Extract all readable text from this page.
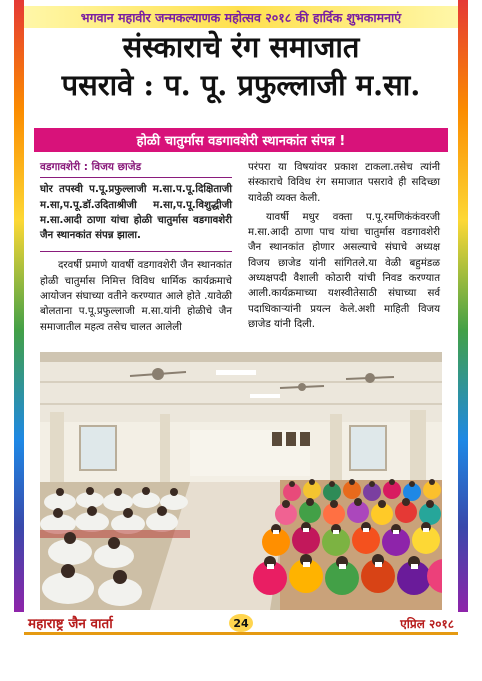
भगवान महावीर जन्मकल्याणक महोत्सव २०१८ की हार्दिक शुभकामनाएं
संस्काराचे रंग समाजात
पसरावे : प. पू. प्रफुल्लाजी म.सा.
होळी चातुर्मास वडगावशेरी स्थानकांत संपन्न !
वडगावशेरी : विजय छाजेड

घोर तपस्वी प.पू.प्रफुल्लाजी म.सा.प.पू.दिक्षिताजी म.सा,प.पू.डॉ.उदिताश्रीजी म.सा,प.पू.विशुद्धीजी म.सा.आदी ठाणा यांचा होळी चातुर्मास वडगावशेरी जैन स्थानकांत संपन्न झाला.

दरवर्षी प्रमाणे यावर्षी वडगावशेरी जैन स्थानकांत होळी चातुर्मास निमित्त विविध धार्मिक कार्यक्रमाचे आयोजन संघाच्या वतीने करण्यात आले होते .यावेळी बोलताना प.पू.प्रफुल्लाजी म.सा.यांनी होळीचे जैन समाजातील महत्व तसेच चालत आलेली

परंपरा या विषयांवर प्रकाश टाकला.तसेच त्यांनी संस्काराचे विविध रंग समाजात पसरावे ही सदिच्छा यावेळी व्यक्त केली.

यावर्षी मधुर वक्ता प.पू.रमणिकंकंवरजी म.सा.आदी ठाणा पाच यांचा चातुर्मास वडगावशेरी जैन स्थानकांत होणार असल्याचे संघाचे अध्यक्ष विजय छाजेड यांनी सांगितले.या वेळी बहुमंडळ अध्यक्षपदी वैशाली कोठारी यांची निवड करण्यात आली.कार्यक्रमाच्या यशस्वीतेसाठी संघाच्या सर्व पदाधिकाऱ्यांनी प्रयत्न केले.अशी माहिती विजय छाजेड यांनी दिली.

महाराष्ट्र जैन वार्ता	24	एप्रिल २०१८
